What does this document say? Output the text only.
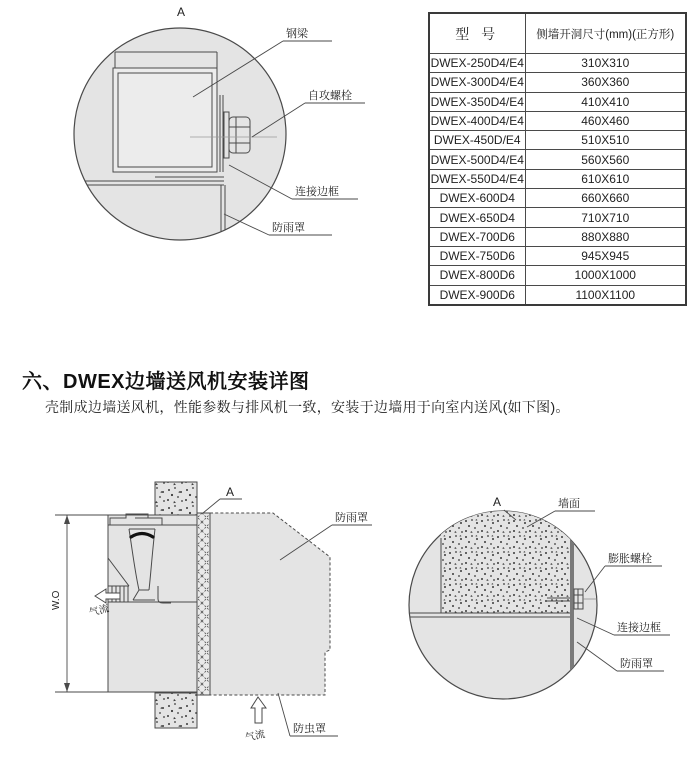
A
钢梁
自攻螺栓
连接边框
防雨罩
型 号	侧墙开洞尺寸(mm)(正方形)
DWEX-250D4/E4	310X310
DWEX-300D4/E4	360X360
DWEX-350D4/E4	410X410
DWEX-400D4/E4	460X460
DWEX-450D/E4	510X510
DWEX-500D4/E4	560X560
DWEX-550D4/E4	610X610
DWEX-600D4	660X660
DWEX-650D4	710X710
DWEX-700D6	880X880
DWEX-750D6	945X945
DWEX-800D6	1000X1000
DWEX-900D6	1100X1100
六、DWEX边墙送风机安装详图
壳制成边墙送风机，性能参数与排风机一致，安装于边墙用于向室内送风(如下图)。
W.O
气流
气流
A
防雨罩
防虫罩
A	墙面
膨胀螺栓
连接边框
防雨罩
